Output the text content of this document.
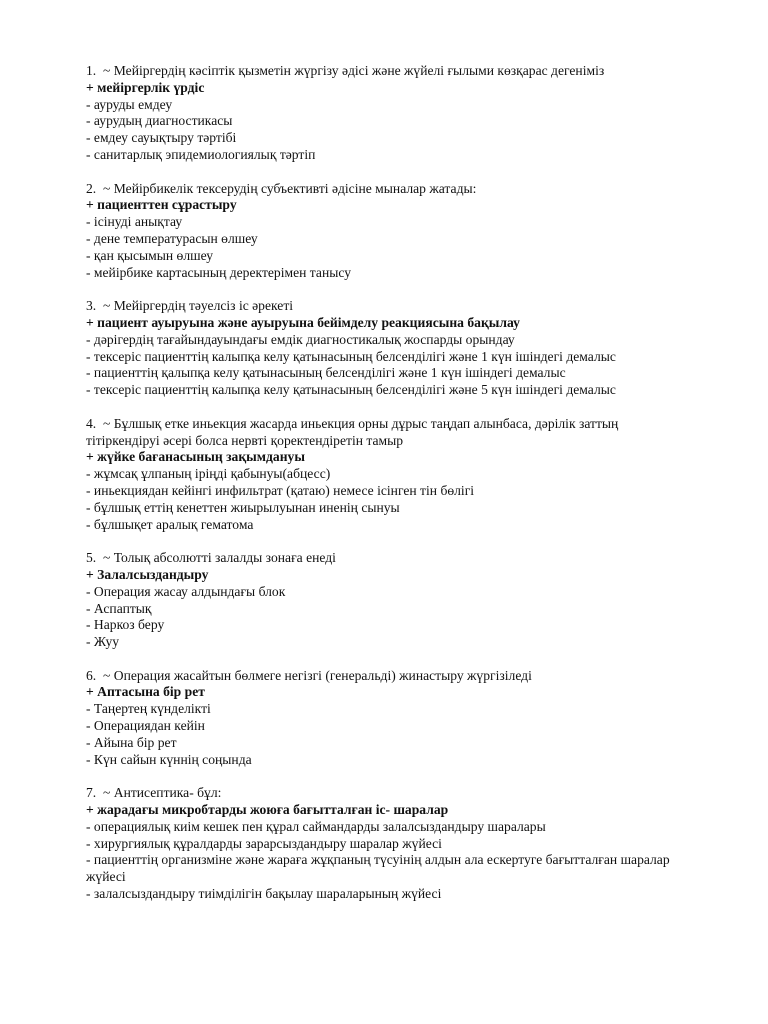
1. ~ Мейіргердің кәсіптік қызметін жүргізу әдісі және жүйелі ғылыми көзқарас дегеніміз
+ мейіргерлік үрдіс
- ауруды емдеу
- аурудың диагностикасы
- емдеу сауықтыру тәртібі
- санитарлық эпидемиологиялық тәртіп
2. ~ Мейірбикелік тексерудің субъективті әдісіне мыналар жатады:
+ пациенттен сұрастыру
- ісінуді анықтау
- дене температурасын өлшеу
- қан қысымын өлшеу
- мейірбике картасының деректерімен танысу
3. ~ Мейіргердің тәуелсіз іс әрекеті
+ пациент ауыруына және ауыруына бейімделу реакциясына бақылау
- дәрігердің тағайындауындағы емдік диагностикалық жоспарды орындау
- тексеріс пациенттің калыпқа келу қатынасының белсенділігі және 1 күн ішіндегі демалыс
- пациенттің қалыпқа келу қатынасының белсенділігі және 1 күн ішіндегі демалыс
- тексеріс пациенттің калыпқа келу қатынасының белсенділігі және 5 күн ішіндегі демалыс
4. ~ Бұлшық етке иньекция жасарда иньекция орны дұрыс таңдап алынбаса, дәрілік заттың тітіркендіруі әсері болса нервті қоректендіретін тамыр
+ жүйке бағанасының зақымдануы
- жұмсақ ұлпаның іріңді қабынуы(абцесс)
- иньекциядан кейінгі инфильтрат (қатаю) немесе ісінген тін бөлігі
- бұлшық еттің кенеттен жиырылуынан иненің сынуы
- бұлшықет аралық гематома
5. ~ Толық абсолютті залалды зонаға енеді
+ Залалсыздандыру
- Операция жасау алдындағы блок
- Аспаптық
- Наркоз беру
- Жуу
6. ~ Операция жасайтын бөлмеге негізгі (генеральді) жинастыру жүргізіледі
+ Аптасына бір рет
- Таңертең күнделікті
- Операциядан кейін
- Айына бір рет
- Күн сайын күннің соңында
7. ~ Антисептика- бұл:
+ жарадағы микробтарды жоюға бағытталған іс- шаралар
- операциялық киім кешек пен құрал саймандарды залалсыздандыру шаралары
- хирургиялық құралдарды зарарсыздандыру шаралар жүйесі
- пациенттің организміне және жараға жұқпаның түсуінің алдын ала ескертуге бағытталған шаралар жүйесі
- залалсыздандыру тиімділігін бақылау шараларының жүйесі
